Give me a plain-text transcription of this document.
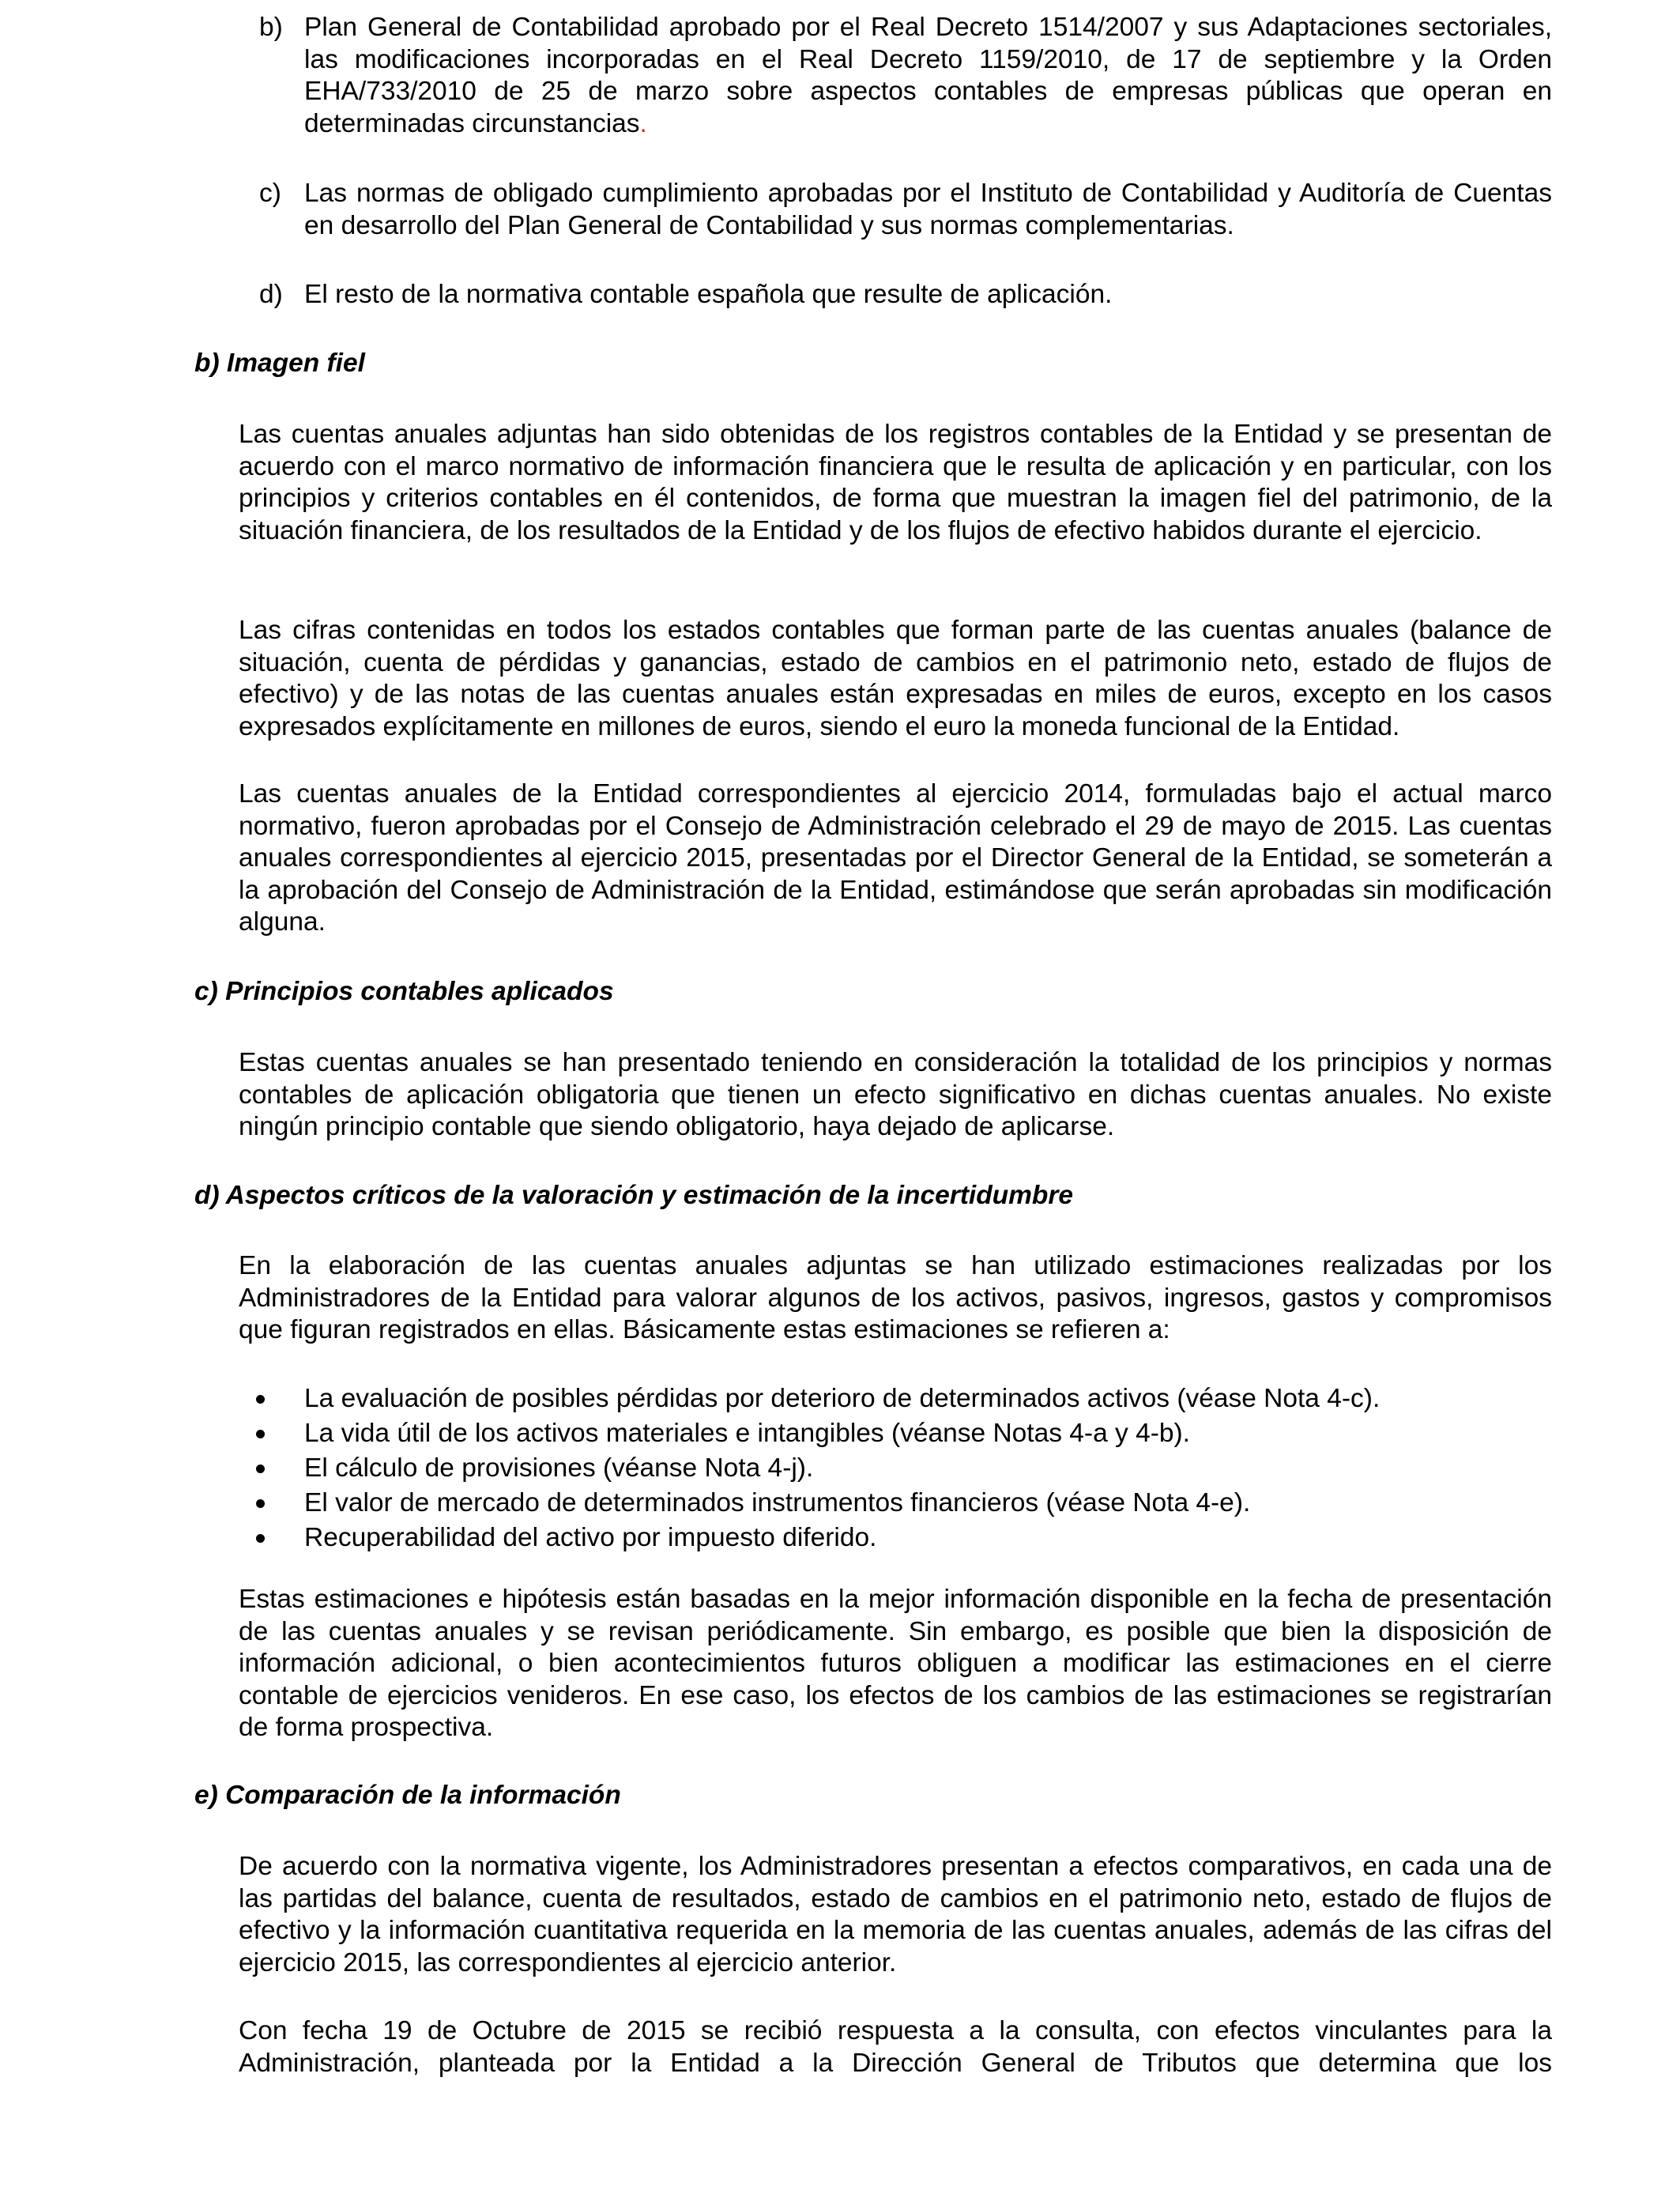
b) Plan General de Contabilidad aprobado por el Real Decreto 1514/2007 y sus Adaptaciones sectoriales, las modificaciones incorporadas en el Real Decreto 1159/2010, de 17 de septiembre y la Orden EHA/733/2010 de 25 de marzo sobre aspectos contables de empresas públicas que operan en determinadas circunstancias.
c) Las normas de obligado cumplimiento aprobadas por el Instituto de Contabilidad y Auditoría de Cuentas en desarrollo del Plan General de Contabilidad y sus normas complementarias.
d) El resto de la normativa contable española que resulte de aplicación.
b) Imagen fiel
Las cuentas anuales adjuntas han sido obtenidas de los registros contables de la Entidad y se presentan de acuerdo con el marco normativo de información financiera que le resulta de aplicación y en particular, con los principios y criterios contables en él contenidos, de forma que muestran la imagen fiel del patrimonio, de la situación financiera, de los resultados de la Entidad y de los flujos de efectivo habidos durante el ejercicio.
Las cifras contenidas en todos los estados contables que forman parte de las cuentas anuales (balance de situación, cuenta de pérdidas y ganancias, estado de cambios en el patrimonio neto, estado de flujos de efectivo) y de las notas de las cuentas anuales están expresadas en miles de euros, excepto en los casos expresados explícitamente en millones de euros, siendo el euro la moneda funcional de la Entidad.
Las cuentas anuales de la Entidad correspondientes al ejercicio 2014, formuladas bajo el actual marco normativo, fueron aprobadas por el Consejo de Administración celebrado el 29 de mayo de 2015. Las cuentas anuales correspondientes al ejercicio 2015, presentadas por el Director General de la Entidad, se someterán a la aprobación del Consejo de Administración de la Entidad, estimándose que serán aprobadas sin modificación alguna.
c) Principios contables aplicados
Estas cuentas anuales se han presentado teniendo en consideración la totalidad de los principios y normas contables de aplicación obligatoria que tienen un efecto significativo en dichas cuentas anuales. No existe ningún principio contable que siendo obligatorio, haya dejado de aplicarse.
d) Aspectos críticos de la valoración y estimación de la incertidumbre
En la elaboración de las cuentas anuales adjuntas se han utilizado estimaciones realizadas por los Administradores de la Entidad para valorar algunos de los activos, pasivos, ingresos, gastos y compromisos que figuran registrados en ellas. Básicamente estas estimaciones se refieren a:
La evaluación de posibles pérdidas por deterioro de determinados activos (véase Nota 4-c).
La vida útil de los activos materiales e intangibles (véanse Notas 4-a y 4-b).
El cálculo de provisiones (véanse Nota 4-j).
El valor de mercado de determinados instrumentos financieros (véase Nota 4-e).
Recuperabilidad del activo por impuesto diferido.
Estas estimaciones e hipótesis están basadas en la mejor información disponible en la fecha de presentación de las cuentas anuales y se revisan periódicamente. Sin embargo, es posible que bien la disposición de información adicional, o bien acontecimientos futuros obliguen a modificar las estimaciones en el cierre contable de ejercicios venideros. En ese caso, los efectos de los cambios de las estimaciones se registrarían de forma prospectiva.
e) Comparación de la información
De acuerdo con la normativa vigente, los Administradores presentan a efectos comparativos, en cada una de las partidas del balance, cuenta de resultados, estado de cambios en el patrimonio neto, estado de flujos de efectivo y la información cuantitativa requerida en la memoria de las cuentas anuales, además de las cifras del ejercicio 2015, las correspondientes al ejercicio anterior.
Con fecha 19 de Octubre de 2015 se recibió respuesta a la consulta, con efectos vinculantes para la Administración, planteada por la Entidad a la Dirección General de Tributos que determina que los
